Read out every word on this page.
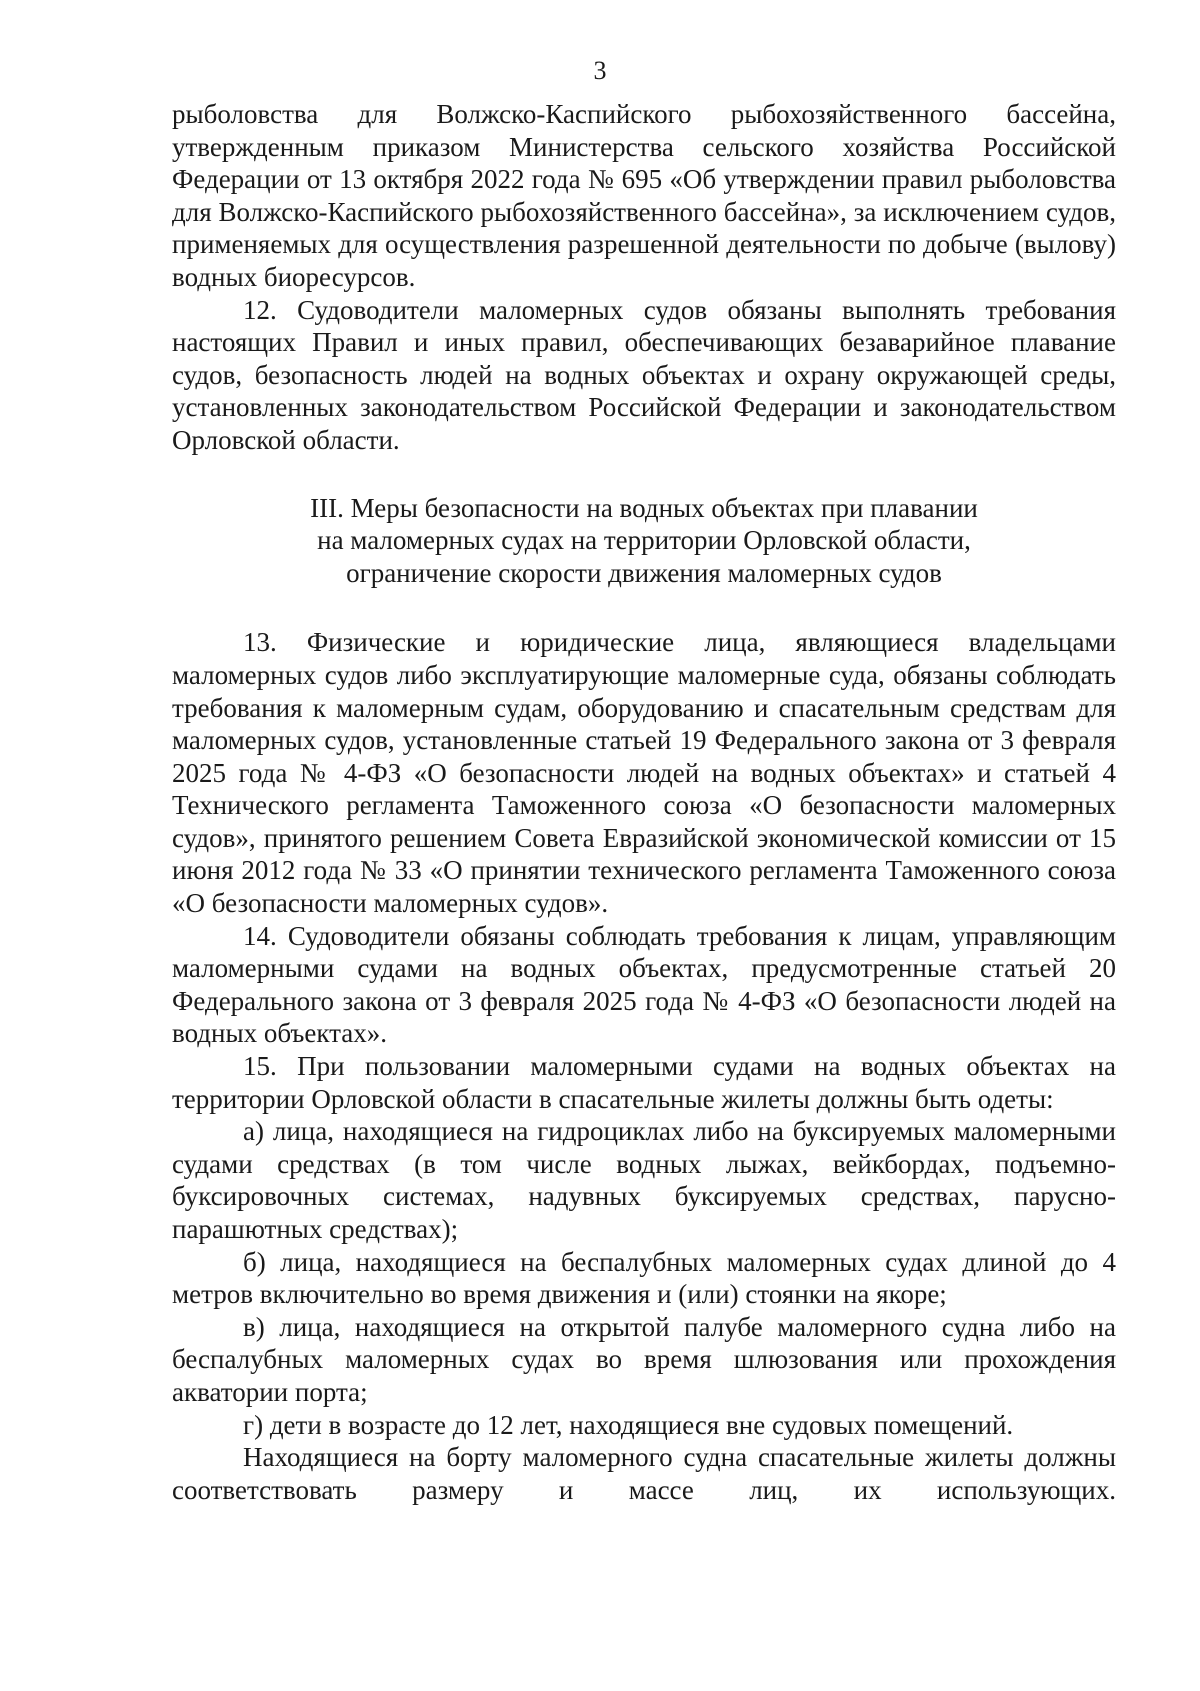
3

рыболовства для Волжско-Каспийского рыбохозяйственного бассейна, утвержденным приказом Министерства сельского хозяйства Российской Федерации от 13 октября 2022 года № 695 «Об утверждении правил рыболовства для Волжско-Каспийского рыбохозяйственного бассейна», за исключением судов, применяемых для осуществления разрешенной деятельности по добыче (вылову) водных биоресурсов.

12. Судоводители маломерных судов обязаны выполнять требования настоящих Правил и иных правил, обеспечивающих безаварийное плавание судов, безопасность людей на водных объектах и охрану окружающей среды, установленных законодательством Российской Федерации и законодательством Орловской области.

III. Меры безопасности на водных объектах при плавании
на маломерных судах на территории Орловской области,
ограничение скорости движения маломерных судов

13. Физические и юридические лица, являющиеся владельцами маломерных судов либо эксплуатирующие маломерные суда, обязаны соблюдать требования к маломерным судам, оборудованию и спасательным средствам для маломерных судов, установленные статьей 19 Федерального закона от 3 февраля 2025 года № 4-ФЗ «О безопасности людей на водных объектах» и статьей 4 Технического регламента Таможенного союза «О безопасности маломерных судов», принятого решением Совета Евразийской экономической комиссии от 15 июня 2012 года № 33 «О принятии технического регламента Таможенного союза «О безопасности маломерных судов».

14. Судоводители обязаны соблюдать требования к лицам, управляющим маломерными судами на водных объектах, предусмотренные статьей 20 Федерального закона от 3 февраля 2025 года № 4-ФЗ «О безопасности людей на водных объектах».

15. При пользовании маломерными судами на водных объектах на территории Орловской области в спасательные жилеты должны быть одеты:

а) лица, находящиеся на гидроциклах либо на буксируемых маломерными судами средствах (в том числе водных лыжах, вейкбордах, подъемно-буксировочных системах, надувных буксируемых средствах, парусно-парашютных средствах);

б) лица, находящиеся на беспалубных маломерных судах длиной до 4 метров включительно во время движения и (или) стоянки на якоре;

в) лица, находящиеся на открытой палубе маломерного судна либо на беспалубных маломерных судах во время шлюзования или прохождения акватории порта;

г) дети в возрасте до 12 лет, находящиеся вне судовых помещений.

Находящиеся на борту маломерного судна спасательные жилеты должны соответствовать размеру и массе лиц, их использующих.
